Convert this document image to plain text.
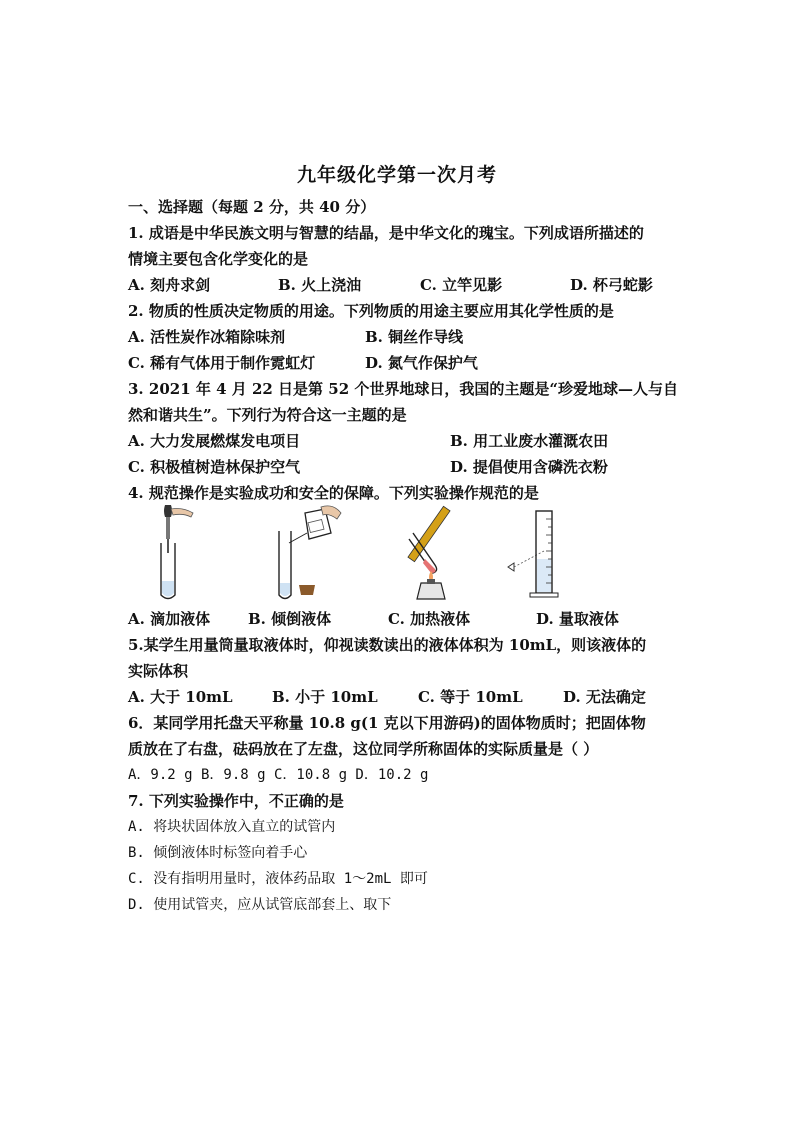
九年级化学第一次月考
一、选择题（每题 2 分，共 40 分）
1. 成语是中华民族文明与智慧的结晶，是中华文化的瑰宝。下列成语所描述的
情境主要包含化学变化的是
A. 刻舟求剑	B. 火上浇油	C. 立竿见影	D. 杯弓蛇影
2. 物质的性质决定物质的用途。下列物质的用途主要应用其化学性质的是
A. 活性炭作冰箱除味剂	B. 铜丝作导线
C. 稀有气体用于制作霓虹灯	D. 氮气作保护气
3. 2021 年 4 月 22 日是第 52 个世界地球日，我国的主题是“珍爱地球—人与自
然和谐共生”。下列行为符合这一主题的是
A. 大力发展燃煤发电项目	B. 用工业废水灌溉农田
C. 积极植树造林保护空气	D. 提倡使用含磷洗衣粉
4. 规范操作是实验成功和安全的保障。下列实验操作规范的是
A. 滴加液体	B. 倾倒液体	C. 加热液体	D. 量取液体
5.某学生用量筒量取液体时，仰视读数读出的液体体积为 10mL，则该液体的
实际体积
A. 大于 10mL	B. 小于 10mL	C. 等于 10mL	D. 无法确定
6．某同学用托盘天平称量 10.8 g(1 克以下用游码)的固体物质时；把固体物
质放在了右盘，砝码放在了左盘，这位同学所称固体的实际质量是（ ）
A．9.2 g B．9.8 g C．10.8 g D．10.2 g
7. 下列实验操作中，不正确的是
A. 将块状固体放入直立的试管内
B. 倾倒液体时标签向着手心
C. 没有指明用量时，液体药品取 1～2mL 即可
D. 使用试管夹，应从试管底部套上、取下
